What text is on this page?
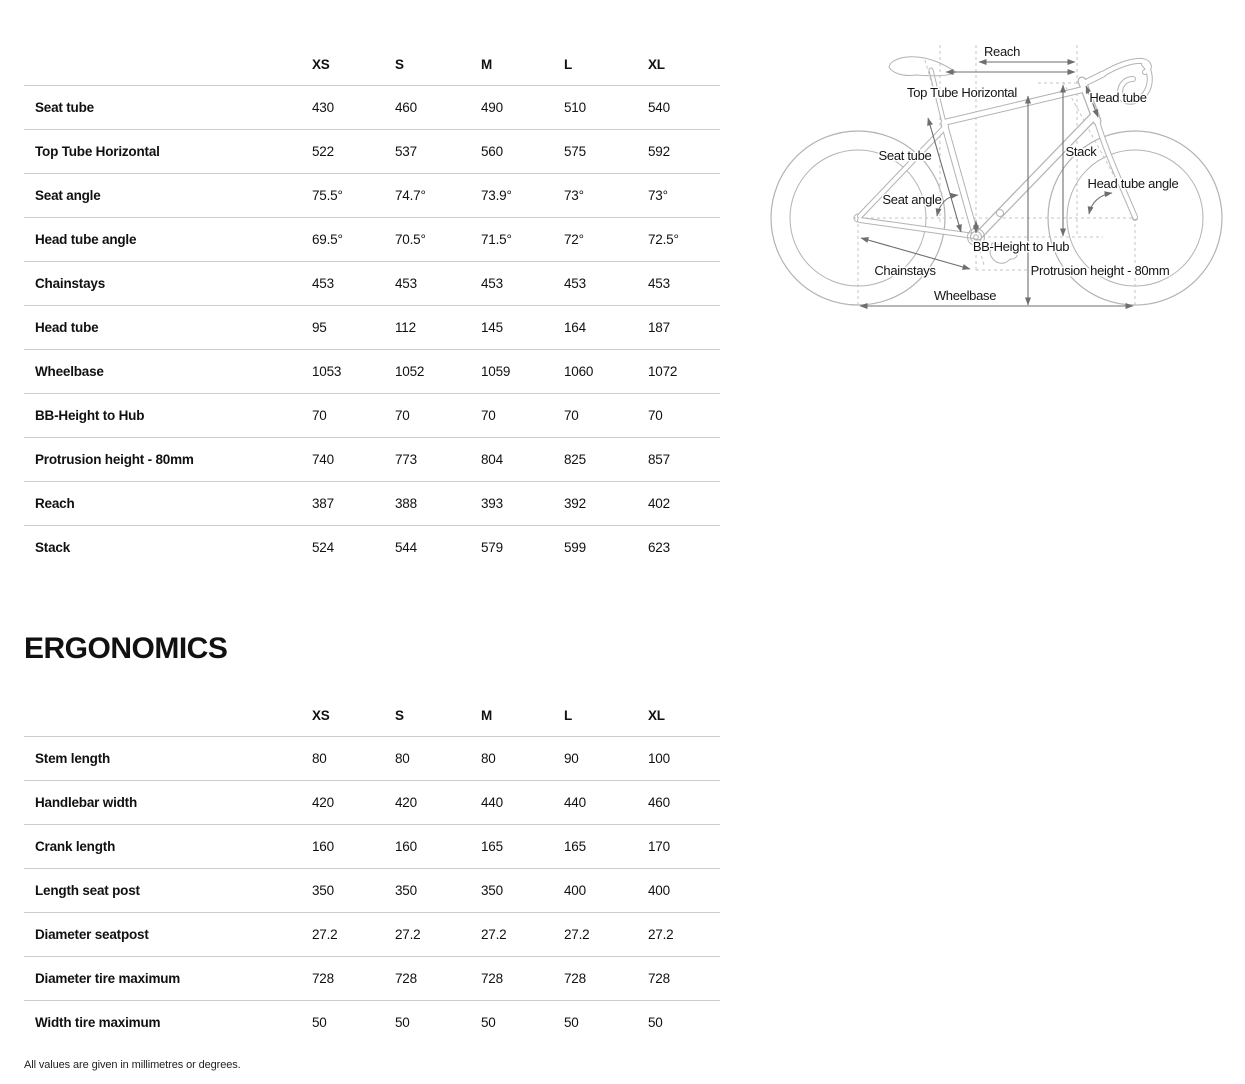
XS	S	M	L	XL
Seat tube	430	460	490	510	540
Top Tube Horizontal	522	537	560	575	592
Seat angle	75.5°	74.7°	73.9°	73°	73°
Head tube angle	69.5°	70.5°	71.5°	72°	72.5°
Chainstays	453	453	453	453	453
Head tube	95	112	145	164	187
Wheelbase	1053	1052	1059	1060	1072
BB-Height to Hub	70	70	70	70	70
Protrusion height - 80mm	740	773	804	825	857
Reach	387	388	393	392	402
Stack	524	544	579	599	623
ERGONOMICS
XS	S	M	L	XL
Stem length	80	80	80	90	100
Handlebar width	420	420	440	440	460
Crank length	160	160	165	165	170
Length seat post	350	350	350	400	400
Diameter seatpost	27.2	27.2	27.2	27.2	27.2
Diameter tire maximum	728	728	728	728	728
Width tire maximum	50	50	50	50	50
All values are given in millimetres or degrees.
Reach
Top Tube Horizontal	Head tube
Seat tube	Stack
Seat angle
Head tube angle
BB-Height to Hub
Chainstays	Protrusion height - 80mm
Wheelbase
